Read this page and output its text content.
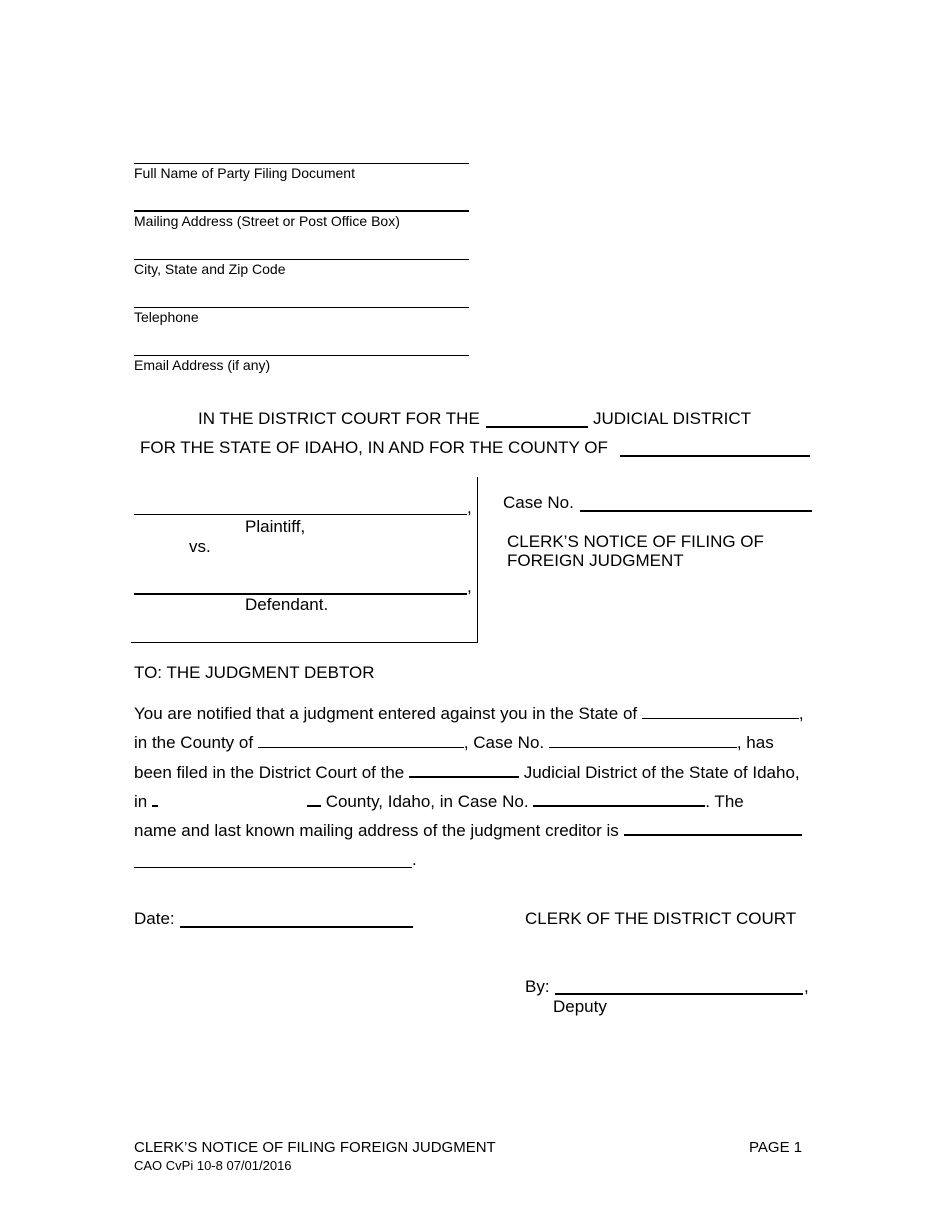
Full Name of Party Filing Document
Mailing Address (Street or Post Office Box)
City, State and Zip Code
Telephone
Email Address (if any)
IN THE DISTRICT COURT FOR THE	JUDICIAL DISTRICT
FOR THE STATE OF IDAHO, IN AND FOR THE COUNTY OF
,
Plaintiff,
vs.
,
Defendant.
Case No.
CLERK’S NOTICE OF FILING OF
FOREIGN JUDGMENT
TO: THE JUDGMENT DEBTOR
You are notified that a judgment entered against you in the State of	,
in the County of	, Case No.	, has
been filed in the District Court of the	Judicial District of the State of Idaho,
in	County, Idaho, in Case No.	. The
name and last known mailing address of the judgment creditor is
.
Date:	CLERK OF THE DISTRICT COURT
By:	,
Deputy
CLERK’S NOTICE OF FILING FOREIGN JUDGMENT	PAGE 1
CAO CvPi 10-8 07/01/2016
